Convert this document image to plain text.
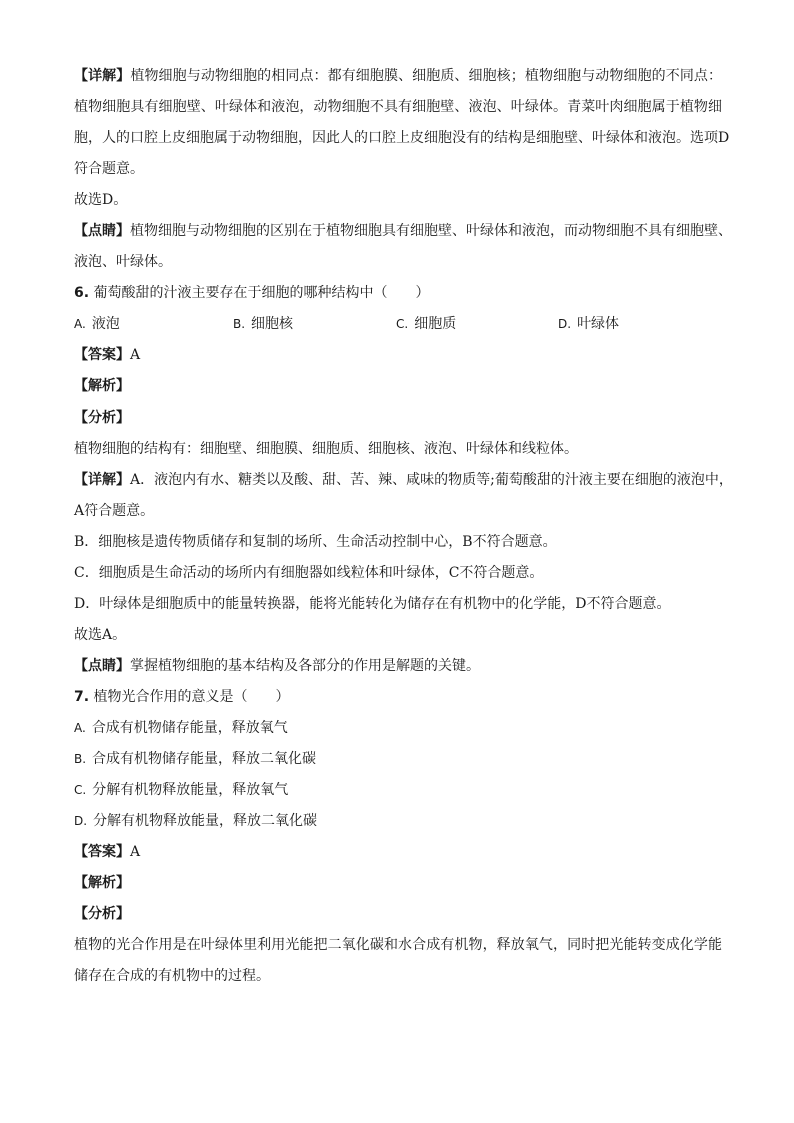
【 详解 】 植物细胞与动物细胞的相同点：都有细胞膜、细胞质、细胞核；植物细胞与动物细胞的不同点：
植物细胞具有细胞壁、叶绿体和液泡，动物细胞不具有细胞壁、液泡、叶绿体。青菜叶肉细胞属于植物细
胞，人的口腔上皮细胞属于动物细胞，因此人的口腔上皮细胞没有的结构是细胞壁、叶绿体和液泡。选项D
符合题意。
故选D。
【 点睛 】 植物细胞与动物细胞的区别在于植物细胞具有细胞壁、叶绿体和液泡，而动物细胞不具有细胞壁、
液泡、叶绿体。
6. 葡萄酸甜的汁液主要存在于细胞的哪种结构中（　　）
A. 液泡	B. 细胞核	C. 细胞质	D. 叶绿体
【 答案 】 A
【 解析 】
【 分析 】
植物细胞的结构有：细胞壁、细胞膜、细胞质、细胞核、液泡、叶绿体和线粒体。
【 详解 】 A．液泡内有水、糖类以及酸、甜、苦、辣、咸味的物质等;葡萄酸甜的汁液主要在细胞的液泡中，
A符合题意。
B．细胞核是遗传物质储存和复制的场所、生命活动控制中心，B不符合题意。
C．细胞质是生命活动的场所内有细胞器如线粒体和叶绿体，C不符合题意。
D．叶绿体是细胞质中的能量转换器，能将光能转化为储存在有机物中的化学能，D不符合题意。
故选A。
【 点睛 】 掌握植物细胞的基本结构及各部分的作用是解题的关键。
7. 植物光合作用的意义是（　　）
A. 合成有机物储存能量，释放氧气
B. 合成有机物储存能量，释放二氧化碳
C. 分解有机物释放能量，释放氧气
D. 分解有机物释放能量，释放二氧化碳
【 答案 】 A
【 解析 】
【 分析 】
植物的光合作用是在叶绿体里利用光能把二氧化碳和水合成有机物，释放氧气，同时把光能转变成化学能
储存在合成的有机物中的过程。
